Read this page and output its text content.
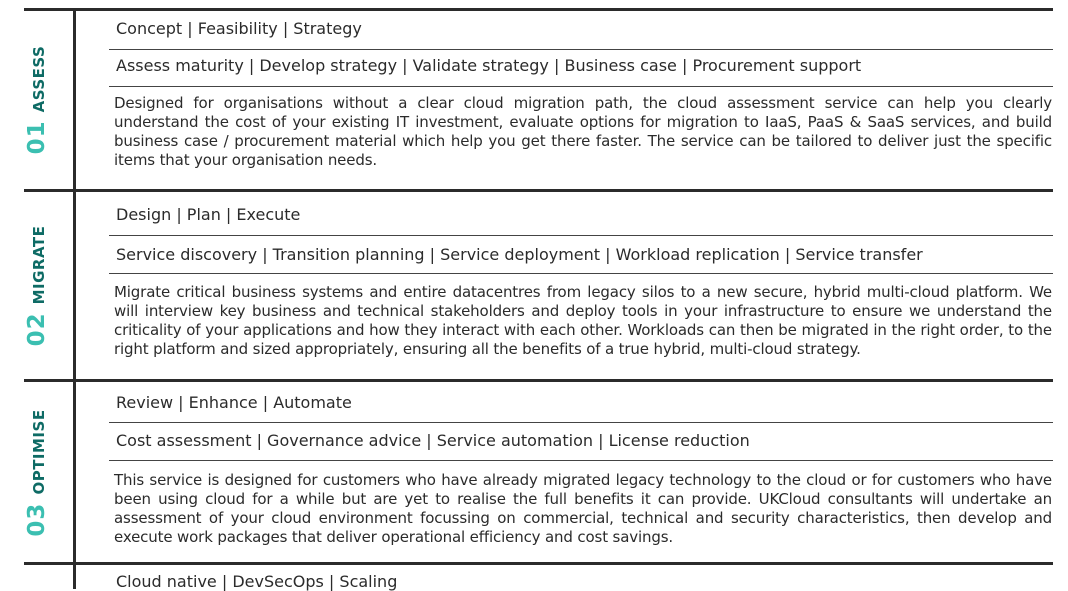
01
ASSESS
Concept | Feasibility | Strategy
Assess maturity | Develop strategy | Validate strategy | Business case | Procurement support
Designed for organisations without a clear cloud migration path, the cloud assessment service can help you clearly understand the cost of your existing IT investment, evaluate options for migration to IaaS, PaaS & SaaS services, and build business case / procurement material which help you get there faster. The service can be tailored to deliver just the specific items that your organisation needs.
02
MIGRATE
Design | Plan | Execute
Service discovery | Transition planning | Service deployment | Workload replication | Service transfer
Migrate critical business systems and entire datacentres from legacy silos to a new secure, hybrid multi-cloud platform. We will interview key business and technical stakeholders and deploy tools in your infrastructure to ensure we understand the criticality of your applications and how they interact with each other. Workloads can then be migrated in the right order, to the right platform and sized appropriately, ensuring all the benefits of a true hybrid, multi-cloud strategy.
03
OPTIMISE
Review | Enhance | Automate
Cost assessment | Governance advice | Service automation | License reduction
This service is designed for customers who have already migrated legacy technology to the cloud or for customers who have been using cloud for a while but are yet to realise the full benefits it can provide. UKCloud consultants will undertake an assessment of your cloud environment focussing on commercial, technical and security characteristics, then develop and execute work packages that deliver operational efficiency and cost savings.
Cloud native | DevSecOps | Scaling
